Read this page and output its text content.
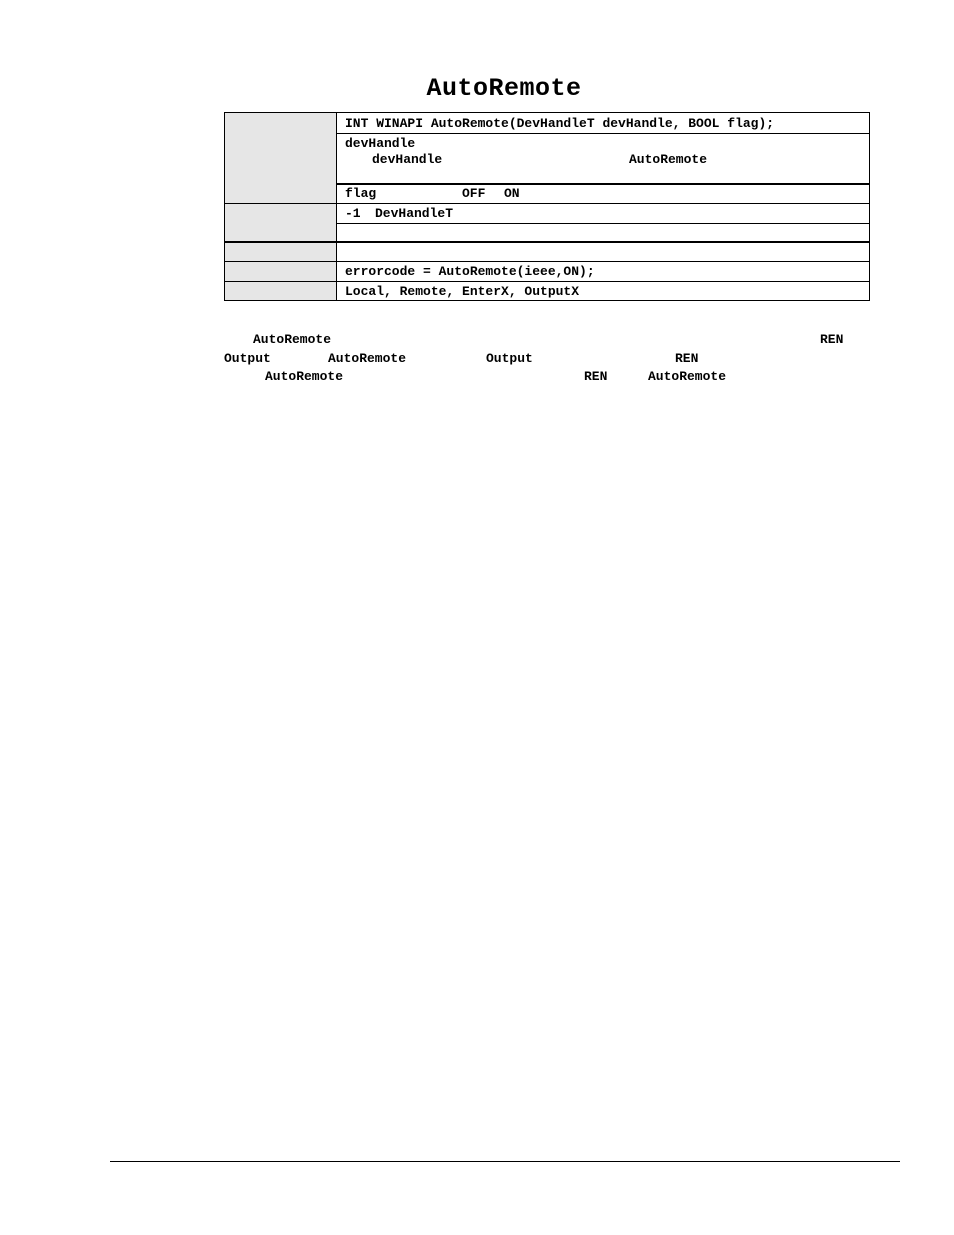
AutoRemote
INT WINAPI AutoRemote(DevHandleT devHandle, BOOL flag);
devHandle
devHandle	AutoRemote
flag	OFF ON
-1 DevHandleT
errorcode = AutoRemote(ieee,ON);
Local, Remote, EnterX, OutputX
AutoRemote	REN
Output	AutoRemote	Output	REN
AutoRemote	REN	AutoRemote
